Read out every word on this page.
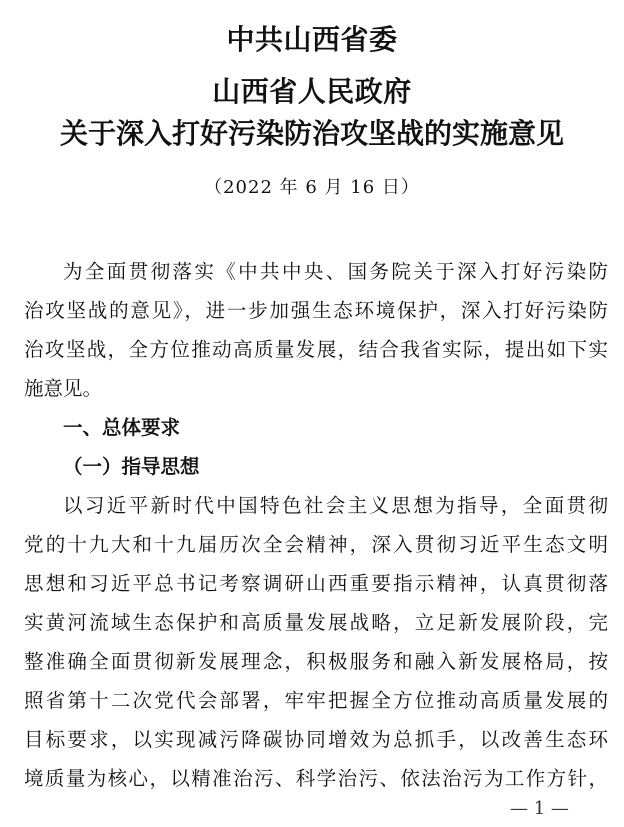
中共山西省委
山西省人民政府
关于深入打好污染防治攻坚战的实施意见
（2022 年 6 月 16 日）
为全面贯彻落实《中共中央、国务院关于深入打好污染防
治攻坚战的意见》，进一步加强生态环境保护，深入打好污染防
治攻坚战，全方位推动高质量发展，结合我省实际，提出如下实
施意见。
一、总体要求
（一）指导思想
以习近平新时代中国特色社会主义思想为指导，全面贯彻
党的十九大和十九届历次全会精神，深入贯彻习近平生态文明
思想和习近平总书记考察调研山西重要指示精神，认真贯彻落
实黄河流域生态保护和高质量发展战略，立足新发展阶段，完
整准确全面贯彻新发展理念，积极服务和融入新发展格局，按
照省第十二次党代会部署，牢牢把握全方位推动高质量发展的
目标要求，以实现减污降碳协同增效为总抓手，以改善生态环
境质量为核心，以精准治污、科学治污、依法治污为工作方针，
— 1 —
